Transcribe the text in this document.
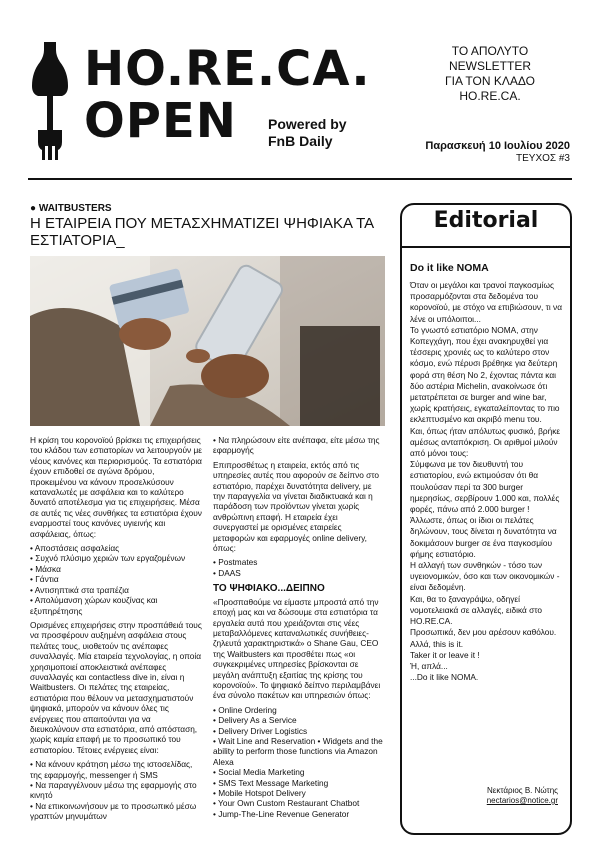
HO.RE.CA.
OPEN Powered by
FnB Daily
ΤΟ ΑΠΟΛΥΤΟ
NEWSLETTER
ΓΙΑ ΤΟΝ ΚΛΑΔΟ
HO.RE.CA.
Παρασκευή 10 Ιουλίου 2020
ΤΕΥΧΟΣ #3
● WAITBUSTERS
Η ΕΤΑΙΡΕΙΑ ΠΟΥ ΜΕΤΑΣΧΗΜΑΤΙΖΕΙ ΨΗΦΙΑΚΑ ΤΑ ΕΣΤΙΑΤΟΡΙΑ_

Η κρίση του κορονοϊού βρίσκει τις επιχειρήσεις του κλάδου των εστιατορίων να λειτουργούν με νέους κανόνες και περιορισμούς. Τα εστιατόρια έχουν επιδοθεί σε αγώνα δρόμου, προκειμένου να κάνουν προσελκύσουν καταναλωτές με ασφάλεια και το καλύτερο δυνατό αποτέλεσμα για τις επιχειρήσεις. Μέσα σε αυτές τις νέες συνθήκες τα εστιατόρια έχουν εναρμοστεί τους κανόνες υγιεινής και ασφάλειας, όπως:

• Αποστάσεις ασφαλείας
• Συχνό πλύσιμο χεριών των εργαζομένων
• Μάσκα
• Γάντια
• Αντισηπτικά στα τραπέζια
• Απολύμανση χώρων κουζίνας και εξυπηρέτησης

Ορισμένες επιχειρήσεις στην προσπάθειά τους να προσφέρουν αυξημένη ασφάλεια στους πελάτες τους, υιοθετούν τις ανέπαφες συναλλαγές. Μία εταιρεία τεχνολογίας, η οποία χρησιμοποιεί αποκλειστικά ανέπαφες συναλλαγές και contactless dive in, είναι η Waitbusters. Οι πελάτες της εταιρείας, εστιατόρια που θέλουν να μετασχηματιστούν ψηφιακά, μπορούν να κάνουν όλες τις ενέργειες που απαιτούνται για να διευκολύνουν στα εστιατόρια, από απόσταση, χωρίς καμία επαφή με το προσωπικό του εστιατορίου. Τέτοιες ενέργειες είναι:

• Να κάνουν κράτηση μέσω της ιστοσελίδας, της εφαρμογής, messenger ή SMS
• Να παραγγέλνουν μέσω της εφαρμογής στο κινητό
• Να επικοινωνήσουν με το προσωπικό μέσω γραπτών μηνυμάτων
• Να πληρώσουν είτε ανέπαφα, είτε μέσω της εφαρμογής

Επιπροσθέτως η εταιρεία, εκτός από τις υπηρεσίες αυτές που αφορούν σε δείπνο στο εστιατόριο, παρέχει δυνατότητα delivery, με την παραγγελία να γίνεται διαδικτυακά και η παράδοση των προϊόντων γίνεται χωρίς ανθρώπινη επαφή. Η εταιρεία έχει συνεργαστεί με ορισμένες εταιρείες μεταφορών και εφαρμογές online delivery, όπως:

• Postmates
• DAAS
ΤΟ ΨΗΦΙΑΚΟ...ΔΕΙΠΝΟ

«Προσπαθούμε να είμαστε μπροστά από την εποχή μας και να δώσουμε στα εστιατόρια τα εργαλεία αυτά που χρειάζονται στις νέες μεταβαλλόμενες καταναλωτικές συνήθειες-ζηλευτά χαρακτηριστικά» ο Shane Gau, CEO της Waitbusters και προσθέτει πως «οι συγκεκριμένες υπηρεσίες βρίσκονται σε μεγάλη ανάπτυξη εξαιτίας της κρίσης του κορονοϊού». Το ψηφιακό δείπνο περιλαμβάνει ένα σύνολο πακέτων και υπηρεσιών όπως:

• Online Ordering
• Delivery As a Service
• Delivery Driver Logistics
• Wait Line and Reservation • Widgets and the ability to perform those functions via Amazon Alexa
• Social Media Marketing
• SMS Text Message Marketing
• Mobile Hotspot Delivery
• Your Own Custom Restaurant Chatbot
• Jump-The-Line Revenue Generator
Editorial
Do it like NOMA

Όταν οι μεγάλοι και τρανοί παγκοσμίως προσαρμόζονται στα δεδομένα του κορονοϊού, με στόχο να επιβιώσουν, τι να λένε οι υπόλοιποι...

Το γνωστό εστιατόριο NOMA, στην Κοπεγχάγη, που έχει ανακηρυχθεί για τέσσερις χρονιές ως το καλύτερο στον κόσμο, ενώ πέρυσι βρέθηκε για δεύτερη φορά στη θέση Νο 2, έχοντας πάντα και δύο αστέρια Michelin, ανακοίνωσε ότι μετατρέπεται σε burger and wine bar, χωρίς κρατήσεις, εγκαταλείποντας το πιο εκλεπτυσμένο και ακριβό menu του.

Και, όπως ήταν απόλυτως φυσικό, βρήκε αμέσως ανταπόκριση. Οι αριθμοί μιλούν από μόνοι τους:

Σύμφωνα με τον διευθυντή του εστιατορίου, ενώ εκτιμούσαν ότι θα πουλούσαν περί τα 300 burger ημερησίως, σερβίρουν 1.000 και, πολλές φορές, πάνω από 2.000 burger !

Άλλωστε, όπως οι ίδιοι οι πελάτες δηλώνουν, τους δίνεται η δυνατότητα να δοκιμάσουν burger σε ένα παγκοσμίου φήμης εστιατόριο.

Η αλλαγή των συνθηκών - τόσο των υγειονομικών, όσο και των οικονομικών - είναι δεδομένη.

Και, θα το ξαναγράψω, οδηγεί νομοτελειακά σε αλλαγές, ειδικά στο HO.RE.CA.

Προσωπικά, δεν μου αρέσουν καθόλου.

Αλλά, this is it.

Taker it or leave it !

Ή, απλά...

...Do it like NOMA.

Νεκτάριος Β. Νώτης
nectarios@notice.gr
